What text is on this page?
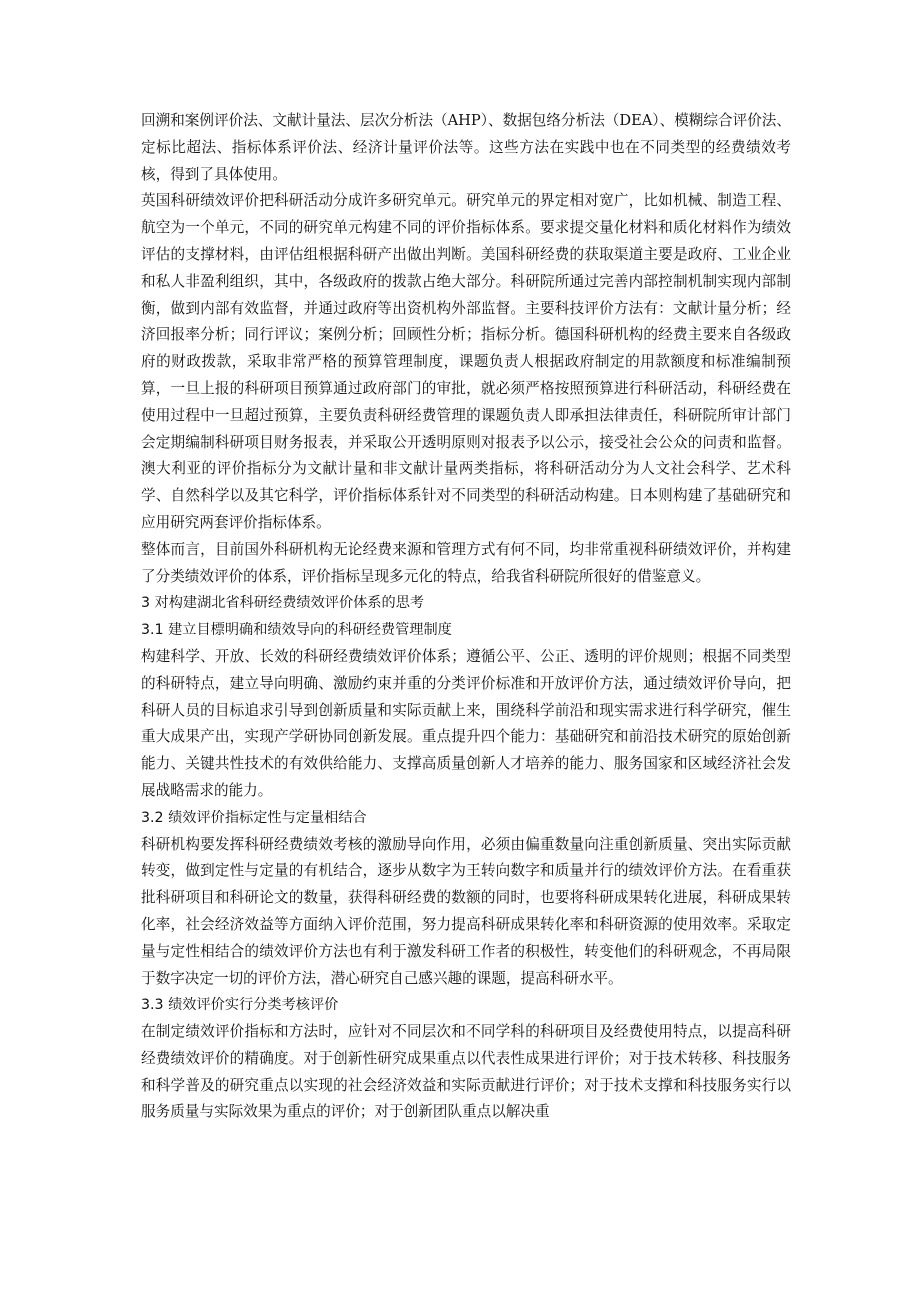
回溯和案例评价法、文献计量法、层次分析法（AHP）、数据包络分析法（DEA）、模糊综合评价法、定标比超法、指标体系评价法、经济计量评价法等。这些方法在实践中也在不同类型的经费绩效考核，得到了具体使用。

英国科研绩效评价把科研活动分成许多研究单元。研究单元的界定相对宽广，比如机械、制造工程、航空为一个单元，不同的研究单元构建不同的评价指标体系。要求提交量化材料和质化材料作为绩效评估的支撑材料，由评估组根据科研产出做出判断。美国科研经费的获取渠道主要是政府、工业企业和私人非盈利组织，其中，各级政府的拨款占绝大部分。科研院所通过完善内部控制机制实现内部制衡，做到内部有效监督，并通过政府等出资机构外部监督。主要科技评价方法有：文献计量分析；经济回报率分析；同行评议；案例分析；回顾性分析；指标分析。德国科研机构的经费主要来自各级政府的财政拨款，采取非常严格的预算管理制度，课题负责人根据政府制定的用款额度和标准编制预算，一旦上报的科研项目预算通过政府部门的审批，就必须严格按照预算进行科研活动，科研经费在使用过程中一旦超过预算，主要负责科研经费管理的课题负责人即承担法律责任，科研院所审计部门会定期编制科研项目财务报表，并采取公开透明原则对报表予以公示，接受社会公众的问责和监督。澳大利亚的评价指标分为文献计量和非文献计量两类指标，将科研活动分为人文社会科学、艺术科学、自然科学以及其它科学，评价指标体系针对不同类型的科研活动构建。日本则构建了基础研究和应用研究两套评价指标体系。

整体而言，目前国外科研机构无论经费来源和管理方式有何不同，均非常重视科研绩效评价，并构建了分类绩效评价的体系，评价指标呈现多元化的特点，给我省科研院所很好的借鉴意义。

3 对构建湖北省科研经费绩效评价体系的思考

3.1 建立目標明确和绩效导向的科研经费管理制度

构建科学、开放、长效的科研经费绩效评价体系；遵循公平、公正、透明的评价规则；根据不同类型的科研特点，建立导向明确、激励约束并重的分类评价标准和开放评价方法，通过绩效评价导向，把科研人员的目标追求引导到创新质量和实际贡献上来，围绕科学前沿和现实需求进行科学研究，催生重大成果产出，实现产学研协同创新发展。重点提升四个能力：基础研究和前沿技术研究的原始创新能力、关键共性技术的有效供给能力、支撑高质量创新人才培养的能力、服务国家和区域经济社会发展战略需求的能力。

3.2 绩效评价指标定性与定量相结合

科研机构要发挥科研经费绩效考核的激励导向作用，必须由偏重数量向注重创新质量、突出实际贡献转变，做到定性与定量的有机结合，逐步从数字为王转向数字和质量并行的绩效评价方法。在看重获批科研项目和科研论文的数量，获得科研经费的数额的同时，也要将科研成果转化进展，科研成果转化率，社会经济效益等方面纳入评价范围，努力提高科研成果转化率和科研资源的使用效率。采取定量与定性相结合的绩效评价方法也有利于激发科研工作者的积极性，转变他们的科研观念，不再局限于数字决定一切的评价方法，潜心研究自己感兴趣的课题，提高科研水平。

3.3 绩效评价实行分类考核评价

在制定绩效评价指标和方法时，应针对不同层次和不同学科的科研项目及经费使用特点，以提高科研经费绩效评价的精确度。对于创新性研究成果重点以代表性成果进行评价；对于技术转移、科技服务和科学普及的研究重点以实现的社会经济效益和实际贡献进行评价；对于技术支撑和科技服务实行以服务质量与实际效果为重点的评价；对于创新团队重点以解决重
